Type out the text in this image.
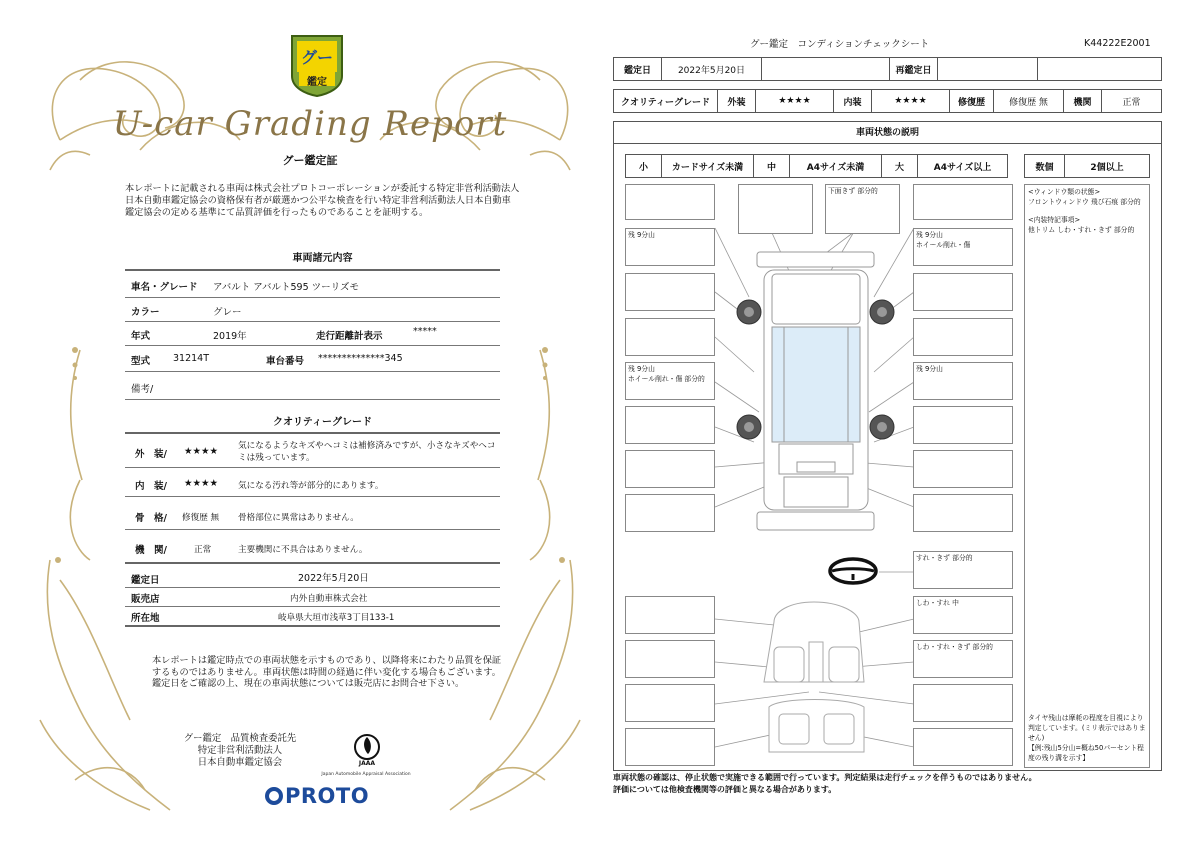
グー
鑑定
U-car Grading Report
グー鑑定証
本レポートに記載される車両は株式会社プロトコーポレーションが委託する特定非営利活動法人日本自動車鑑定協会の資格保有者が厳選かつ公平な検査を行い特定非営利活動法人日本自動車鑑定協会の定める基準にて品質評価を行ったものであることを証明する。
車両諸元内容
車名・グレード アバルト アバルト595 ツーリズモ
カラー	グレー
年式	2019年	走行距離計表示	*****
型式 31214T	車台番号 **************345
備考/
クオリティーグレード
外　装/ ★★★★ 気になるようなキズやヘコミは補修済みですが、小さなキズやヘコミは残っています。
内　装/ ★★★★ 気になる汚れ等が部分的にあります。
骨　格/ 修復歴 無 骨格部位に異常はありません。
機　関/	正常	主要機関に不具合はありません。
鑑定日	2022年5月20日
販売店	内外自動車株式会社
所在地	岐阜県大垣市浅草3丁目133-1
本レポートは鑑定時点での車両状態を示すものであり、以降将来にわたり品質を保証するものではありません。車両状態は時間の経過に伴い変化する場合もございます。鑑定日をご確認の上、現在の車両状態については販売店にお問合せ下さい。
グー鑑定　品質検査委託先
特定非営利活動法人
日本自動車鑑定協会	JAAA
Japan Automobile Appraisal Association
PROTO
グー鑑定　コンディションチェックシート	K44222E2001
鑑定日	2022年5月20日	再鑑定日
クオリティーグレード	外装	★★★★	内装	★★★★	修復歴	修復歴 無	機関	正常
車両状態の説明
小	カードサイズ未満	中	A4サイズ未満	大	A4サイズ以上	数個	2個以上
<ウィンドウ類の状態>
フロントウィンドウ 飛び石痕 部分的
<内装特記事項>
他トリム しわ・すれ・きず 部分的
タイヤ残山は摩耗の程度を目視により判定しています。(ミリ表示ではありません)
【例:残山5分山=概ね50パーセント程度の残り溝を示す】
残 9分山
残 9分山
ホイール削れ・傷 部分的
下面きず 部分的
残 9分山
ホイール削れ・傷
残 9分山
すれ・きず 部分的
しわ・すれ 中
しわ・すれ・きず 部分的
車両状態の確認は、停止状態で実施できる範囲で行っています。判定結果は走行チェックを伴うものではありません。
評価については他検査機関等の評価と異なる場合があります。
